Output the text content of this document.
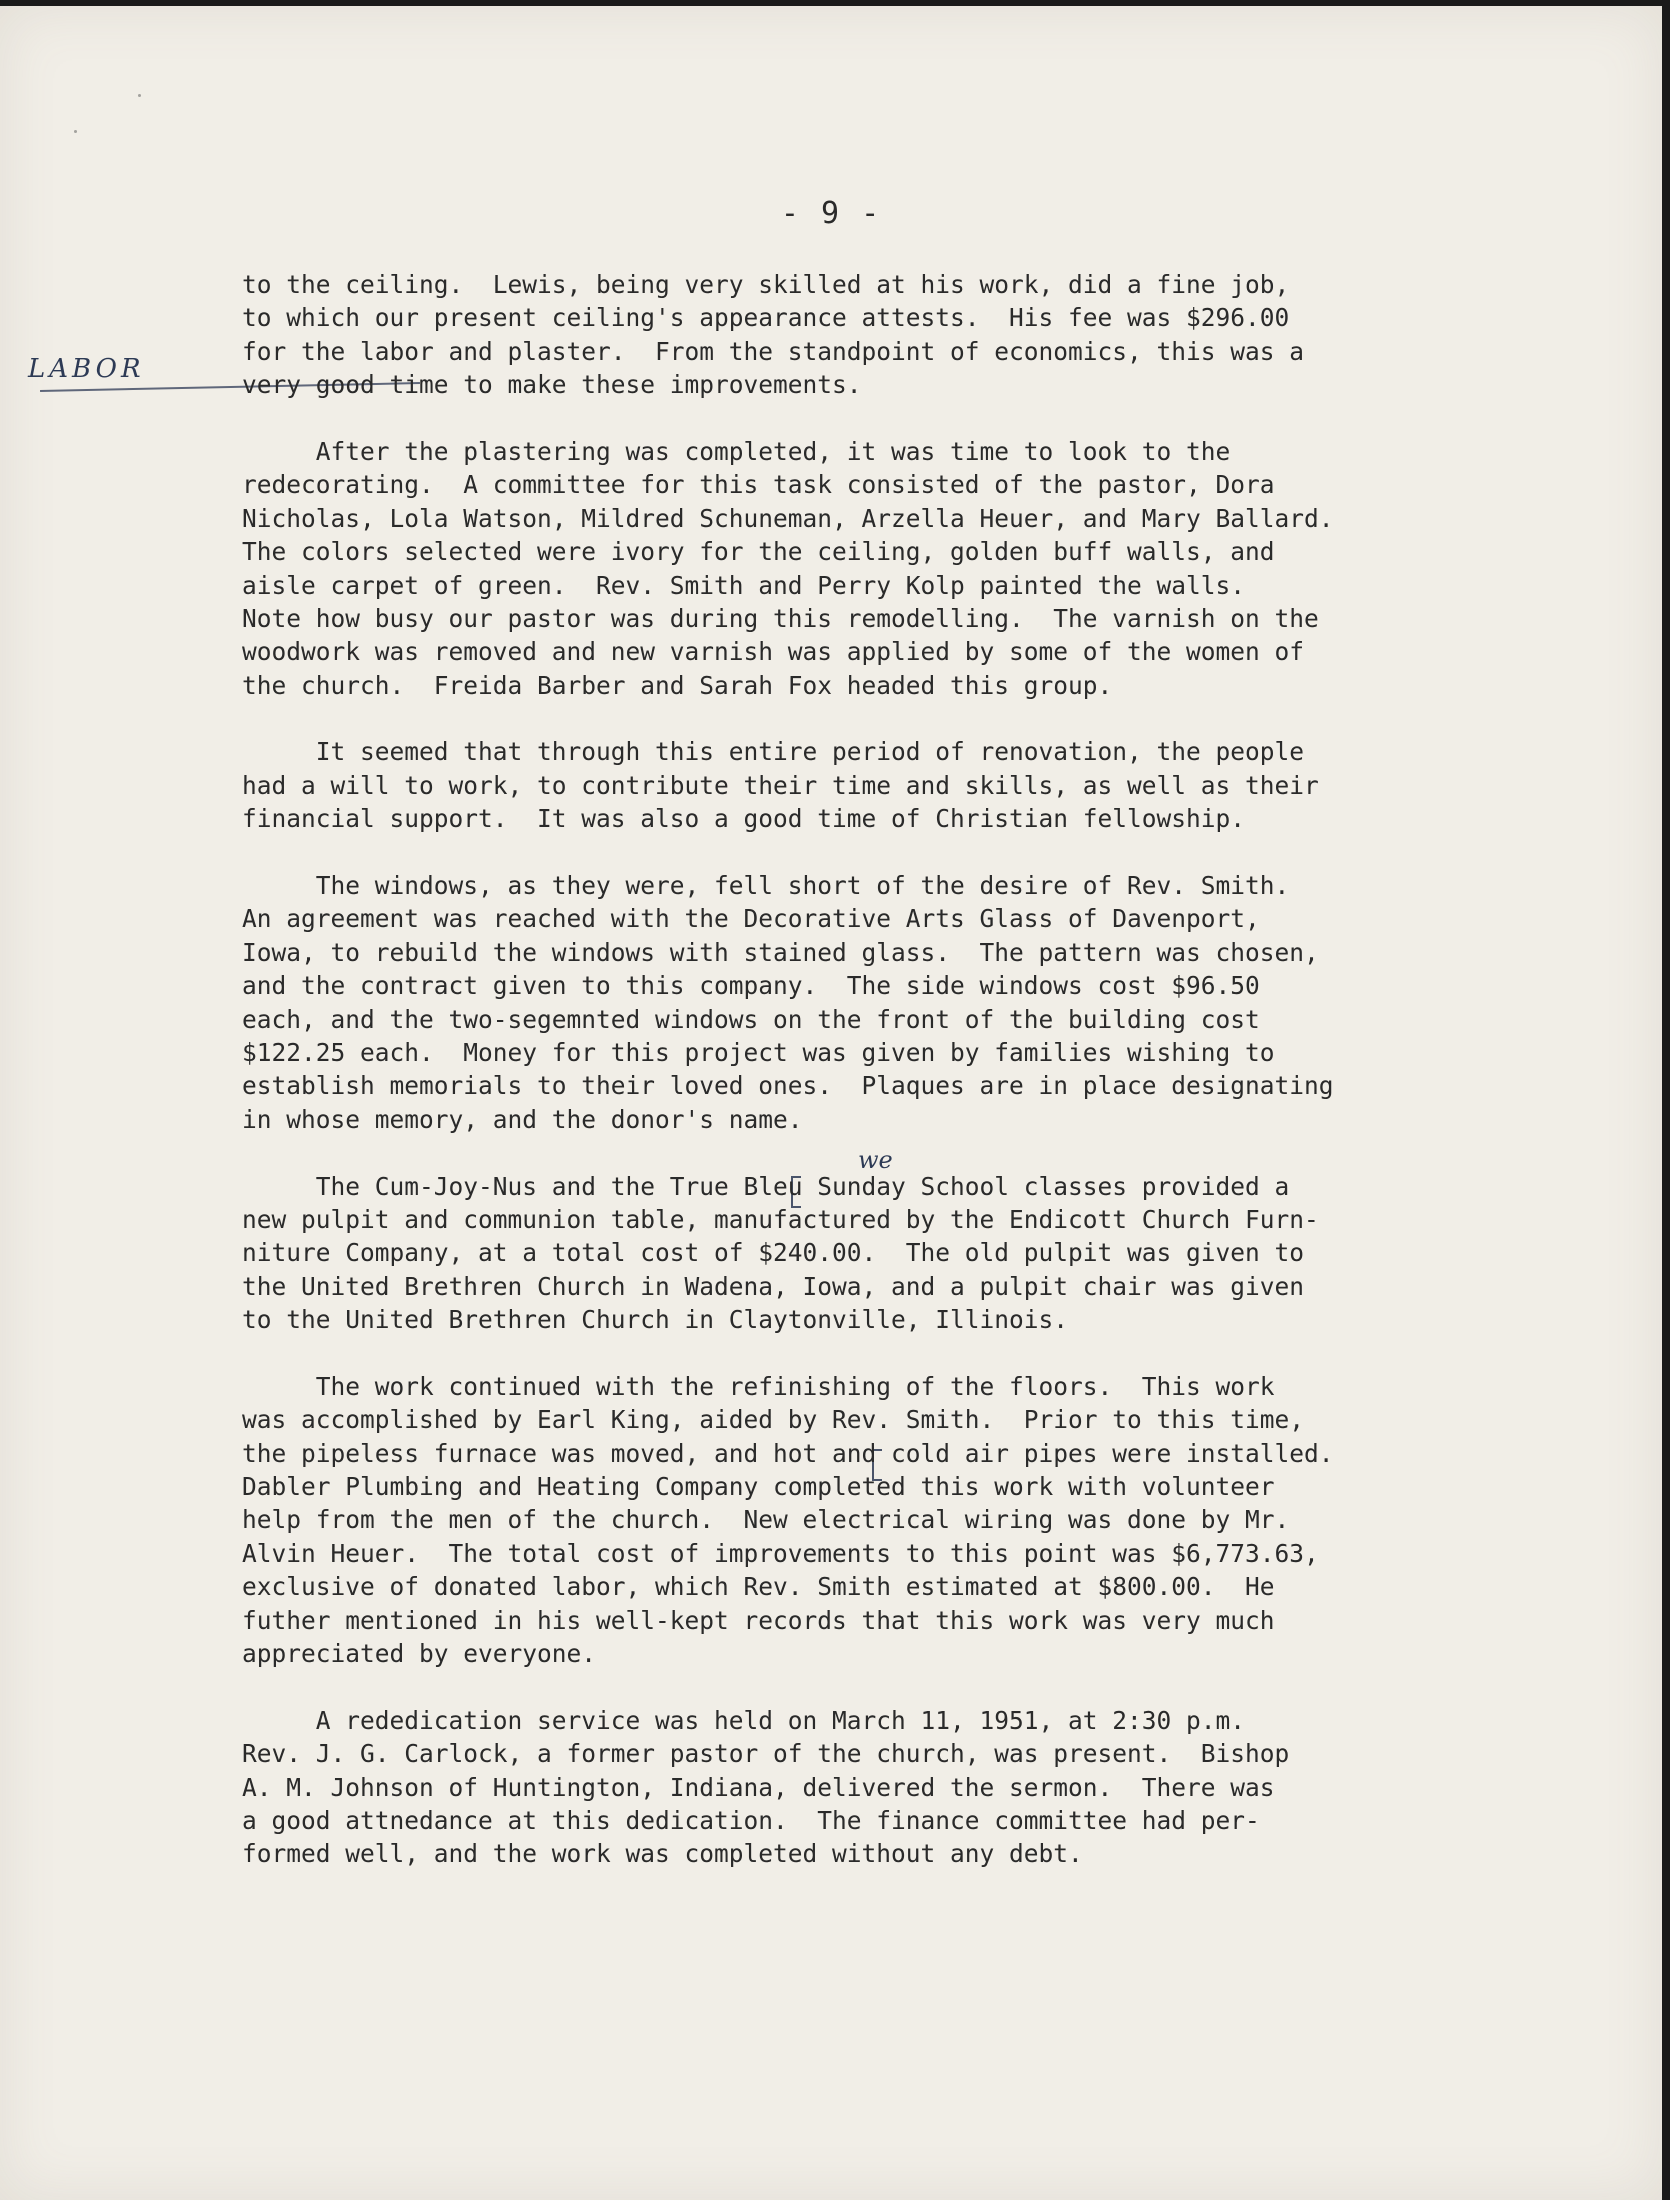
- 9 -
LABOR
we
to the ceiling.  Lewis, being very skilled at his work, did a fine job,
to which our present ceiling's appearance attests.  His fee was $296.00
for the labor and plaster.  From the standpoint of economics, this was a
very good time to make these improvements.
After the plastering was completed, it was time to look to the
redecorating.  A committee for this task consisted of the pastor, Dora
Nicholas, Lola Watson, Mildred Schuneman, Arzella Heuer, and Mary Ballard.
The colors selected were ivory for the ceiling, golden buff walls, and
aisle carpet of green.  Rev. Smith and Perry Kolp painted the walls.
Note how busy our pastor was during this remodelling.  The varnish on the
woodwork was removed and new varnish was applied by some of the women of
the church.  Freida Barber and Sarah Fox headed this group.
It seemed that through this entire period of renovation, the people
had a will to work, to contribute their time and skills, as well as their
financial support.  It was also a good time of Christian fellowship.
The windows, as they were, fell short of the desire of Rev. Smith.
An agreement was reached with the Decorative Arts Glass of Davenport,
Iowa, to rebuild the windows with stained glass.  The pattern was chosen,
and the contract given to this company.  The side windows cost $96.50
each, and the two-segemnted windows on the front of the building cost
$122.25 each.  Money for this project was given by families wishing to
establish memorials to their loved ones.  Plaques are in place designating
in whose memory, and the donor's name.
The Cum-Joy-Nus and the True Bleu Sunday School classes provided a
new pulpit and communion table, manufactured by the Endicott Church Furn-
niture Company, at a total cost of $240.00.  The old pulpit was given to
the United Brethren Church in Wadena, Iowa, and a pulpit chair was given
to the United Brethren Church in Claytonville, Illinois.
The work continued with the refinishing of the floors.  This work
was accomplished by Earl King, aided by Rev. Smith.  Prior to this time,
the pipeless furnace was moved, and hot and cold air pipes were installed.
Dabler Plumbing and Heating Company completed this work with volunteer
help from the men of the church.  New electrical wiring was done by Mr.
Alvin Heuer.  The total cost of improvements to this point was $6,773.63,
exclusive of donated labor, which Rev. Smith estimated at $800.00.  He
futher mentioned in his well-kept records that this work was very much
appreciated by everyone.
A rededication service was held on March 11, 1951, at 2:30 p.m.
Rev. J. G. Carlock, a former pastor of the church, was present.  Bishop
A. M. Johnson of Huntington, Indiana, delivered the sermon.  There was
a good attnedance at this dedication.  The finance committee had per-
formed well, and the work was completed without any debt.
